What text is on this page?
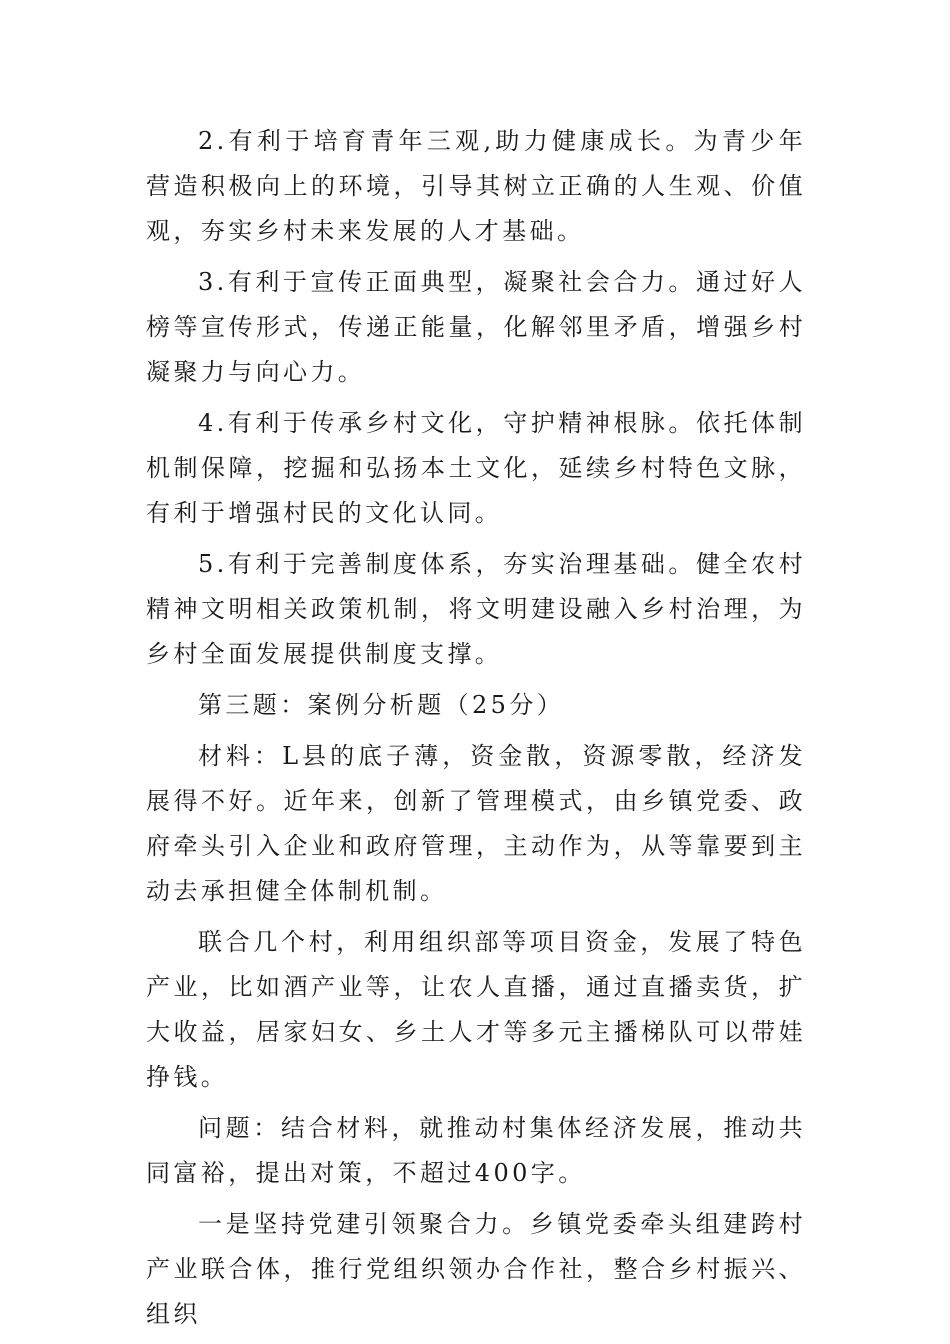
2.有利于培育青年三观,助力健康成长。为青少年营造积极向上的环境，引导其树立正确的人生观、价值观，夯实乡村未来发展的人才基础。

3.有利于宣传正面典型，凝聚社会合力。通过好人榜等宣传形式，传递正能量，化解邻里矛盾，增强乡村凝聚力与向心力。

4.有利于传承乡村文化，守护精神根脉。依托体制机制保障，挖掘和弘扬本土文化，延续乡村特色文脉，有利于增强村民的文化认同。

5.有利于完善制度体系，夯实治理基础。健全农村精神文明相关政策机制，将文明建设融入乡村治理，为乡村全面发展提供制度支撑。

第三题：案例分析题（25分）

材料：L县的底子薄，资金散，资源零散，经济发展得不好。近年来，创新了管理模式，由乡镇党委、政府牵头引入企业和政府管理，主动作为，从等靠要到主动去承担健全体制机制。

联合几个村，利用组织部等项目资金，发展了特色产业，比如酒产业等，让农人直播，通过直播卖货，扩大收益，居家妇女、乡土人才等多元主播梯队可以带娃挣钱。

问题：结合材料，就推动村集体经济发展，推动共同富裕，提出对策，不超过400字。

一是坚持党建引领聚合力。乡镇党委牵头组建跨村产业联合体，推行党组织领办合作社，整合乡村振兴、组织
